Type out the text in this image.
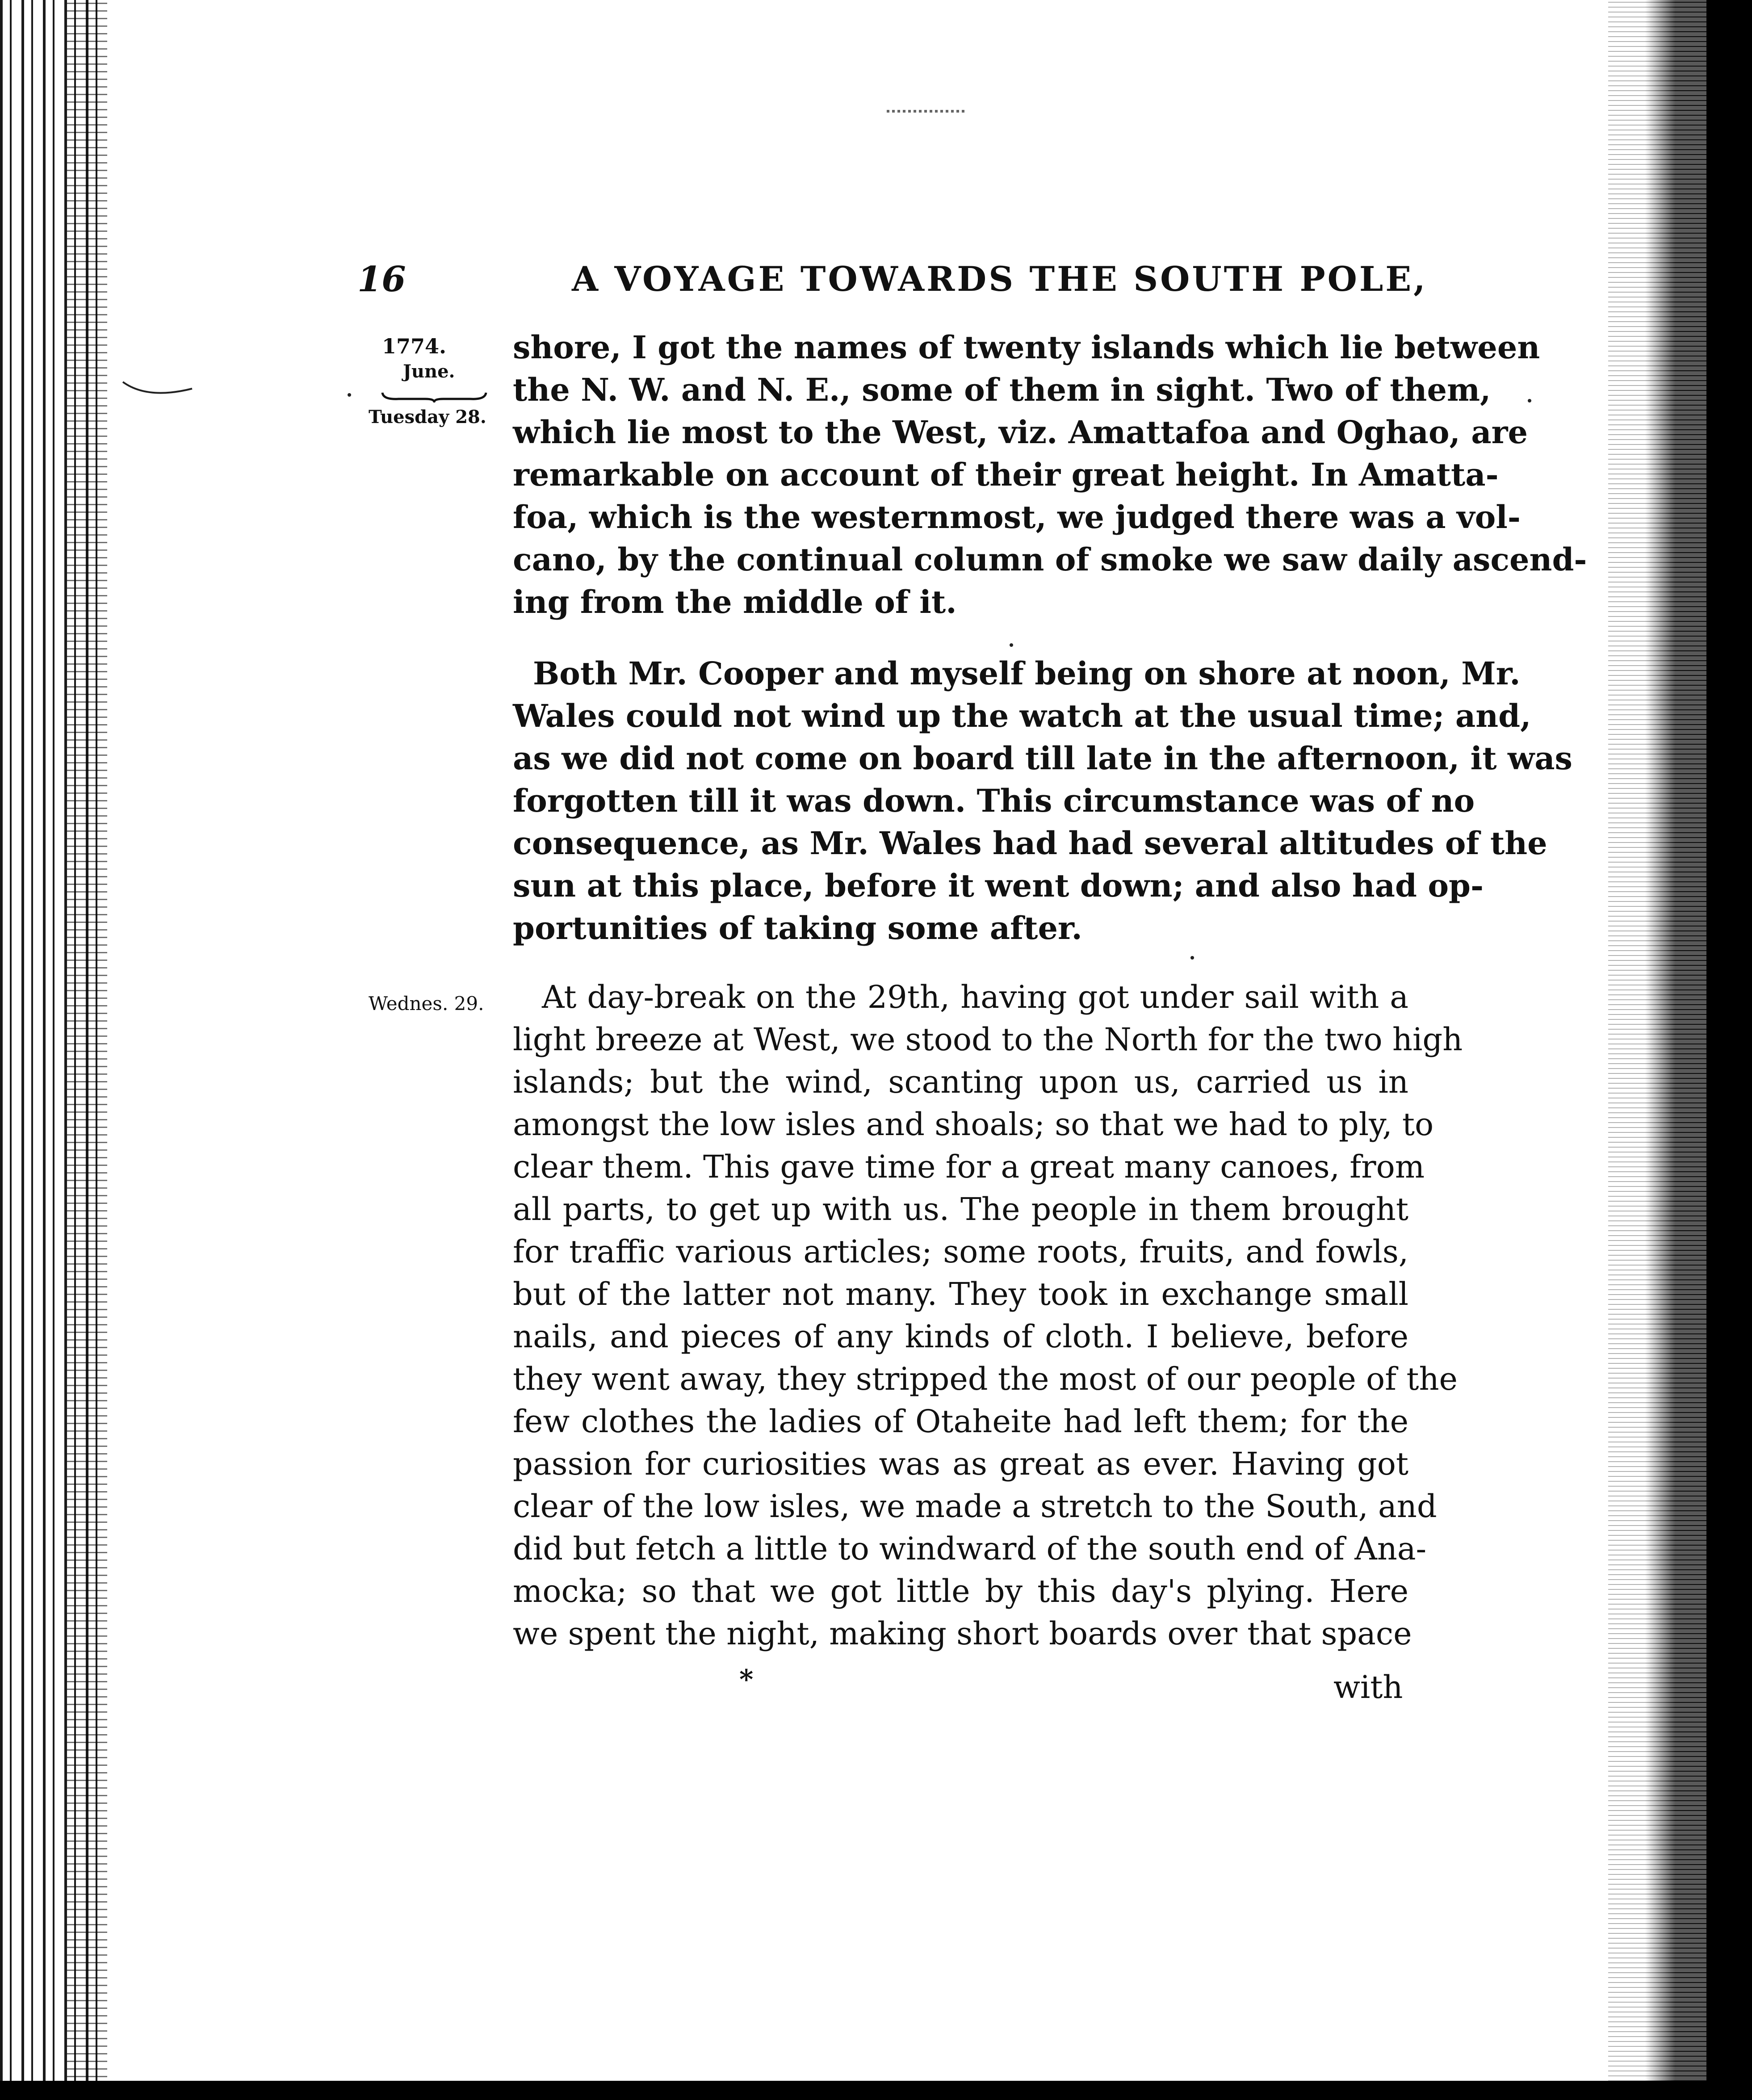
16	A VOYAGE TOWARDS THE SOUTH POLE,
1774.
June.
Tuesday 28.
Wednes. 29.
shore, I got the names of twenty islands which lie between
the N. W. and N. E., some of them in sight. Two of them,
which lie most to the West, viz. Amattafoa and Oghao, are
remarkable on account of their great height. In Amatta-
foa, which is the westernmost, we judged there was a vol-
cano, by the continual column of smoke we saw daily ascend-
ing from the middle of it.
Both Mr. Cooper and myself being on shore at noon, Mr.
Wales could not wind up the watch at the usual time; and,
as we did not come on board till late in the afternoon, it was
forgotten till it was down. This circumstance was of no
consequence, as Mr. Wales had had several altitudes of the
sun at this place, before it went down; and also had op-
portunities of taking some after.
At day-break on the 29th, having got under sail with a
light breeze at West, we stood to the North for the two high
islands; but the wind, scanting upon us, carried us in
amongst the low isles and shoals; so that we had to ply, to
clear them. This gave time for a great many canoes, from
all parts, to get up with us. The people in them brought
for traffic various articles; some roots, fruits, and fowls,
but of the latter not many. They took in exchange small
nails, and pieces of any kinds of cloth. I believe, before
they went away, they stripped the most of our people of the
few clothes the ladies of Otaheite had left them; for the
passion for curiosities was as great as ever. Having got
clear of the low isles, we made a stretch to the South, and
did but fetch a little to windward of the south end of Ana-
mocka; so that we got little by this day's plying. Here
we spent the night, making short boards over that space
*	with
